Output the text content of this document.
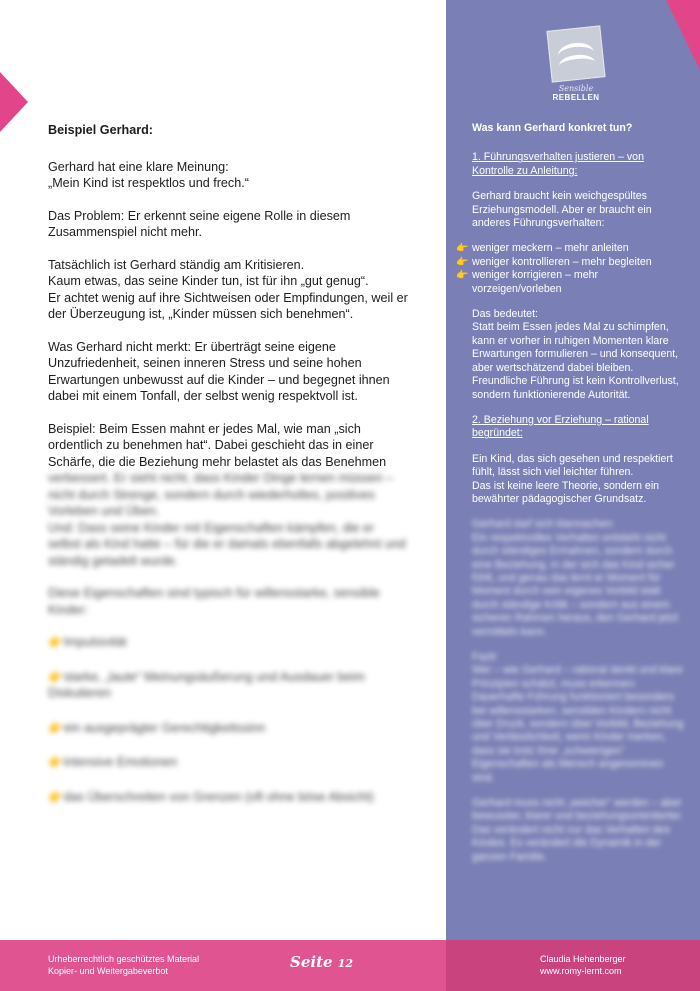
Sensible
REBELLEN
Beispiel Gerhard:

Gerhard hat eine klare Meinung:
„Mein Kind ist respektlos und frech.“

Das Problem: Er erkennt seine eigene Rolle in diesem Zusammenspiel nicht mehr.

Tatsächlich ist Gerhard ständig am Kritisieren.
Kaum etwas, das seine Kinder tun, ist für ihn „gut genug“.
Er achtet wenig auf ihre Sichtweisen oder Empfindungen, weil er der Überzeugung ist, „Kinder müssen sich benehmen“.

Was Gerhard nicht merkt: Er überträgt seine eigene Unzufriedenheit, seinen inneren Stress und seine hohen Erwartungen unbewusst auf die Kinder – und begegnet ihnen dabei mit einem Tonfall, der selbst wenig respektvoll ist.

Beispiel: Beim Essen mahnt er jedes Mal, wie man „sich ordentlich zu benehmen hat“. Dabei geschieht das in einer Schärfe, die die Beziehung mehr belastet als das Benehmen

verbessert. Er sieht nicht, dass Kinder Dinge lernen müssen – nicht durch Strenge, sondern durch wiederholtes, positives Vorleben und Üben.
Und: Dass seine Kinder mit Eigenschaften kämpfen, die er selbst als Kind hatte – für die er damals ebenfalls abgelehnt und ständig getadelt wurde.

Diese Eigenschaften sind typisch für willensstarke, sensible Kinder:

👉Impulsivität

👉starke, „laute“ Meinungsäußerung und Ausdauer beim Diskutieren

👉ein ausgeprägter Gerechtigkeitssinn

👉intensive Emotionen

👉das Überschreiten von Grenzen (oft ohne böse Absicht)

Was kann Gerhard konkret tun?

1. Führungsverhalten justieren – von Kontrolle zu Anleitung:

Gerhard braucht kein weichgespültes Erziehungsmodell. Aber er braucht ein anderes Führungsverhalten:

👉 weniger meckern – mehr anleiten
👉 weniger kontrollieren – mehr begleiten
👉 weniger korrigieren – mehr vorzeigen/vorleben

Das bedeutet:
Statt beim Essen jedes Mal zu schimpfen, kann er vorher in ruhigen Momenten klare Erwartungen formulieren – und konsequent, aber wertschätzend dabei bleiben. Freundliche Führung ist kein Kontrollverlust, sondern funktionierende Autorität.

2. Beziehung vor Erziehung – rational begründet:

Ein Kind, das sich gesehen und respektiert fühlt, lässt sich viel leichter führen.
Das ist keine leere Theorie, sondern ein bewährter pädagogischer Grundsatz.

Gerhard darf sich klarmachen:
Ein respektvolles Verhalten entsteht nicht durch ständiges Ermahnen, sondern durch eine Beziehung, in der sich das Kind sicher fühlt, und genau das lernt er Moment für Moment durch sein eigenes Vorbild statt durch ständige Kritik – sondern aus einem sicheren Rahmen heraus, den Gerhard jetzt vermitteln kann.

Fazit:
Wer – wie Gerhard – rational denkt und klare Prinzipien schätzt, muss erkennen: Dauerhafte Führung funktioniert besonders bei willensstarken, sensiblen Kindern nicht über Druck, sondern über Vorbild, Beziehung und Verlässlichkeit, wenn Kinder merken, dass sie trotz ihrer „schwierigen“ Eigenschaften als Mensch angenommen sind.

Gerhard muss nicht „weicher“ werden – aber bewusster, klarer und beziehungsorientierter. Das verändert nicht nur das Verhalten des Kindes. Es verändert die Dynamik in der ganzen Familie.

Urheberrechtlich geschütztes Material
Kopier- und Weitergabeverbot	Seite 12	Claudia Hehenberger
www.romy-lernt.com
